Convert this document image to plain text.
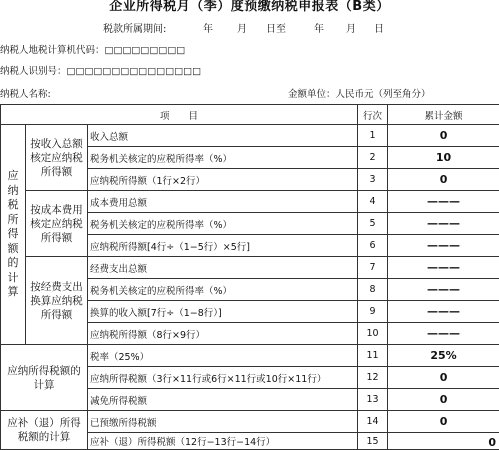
企业所得税月（季）度预缴纳税申报表（B类）
税款所属期间:	年 月 日至	年 月 日
纳税人地税计算机代码：□□□□□□□□□
纳税人识别号：□□□□□□□□□□□□□□□
纳税人名称:	金额单位：人民币元（列至角分）
项　　目			行次	累计金额
应纳税所得额的计算	按收入总额核定应纳税所得额	收入总额	1	0
		税务机关核定的应税所得率（%）	2	10
		应纳税所得额（1行×2行）	3	0
	按成本费用核定应纳税所得额	成本费用总额	4	———
		税务机关核定的应税所得率（%）	5	———
		应纳税所得额[4行÷（1−5行）×5行]	6	———
	按经费支出换算应纳税所得额	经费支出总额	7	———
		税务机关核定的应税所得率（%）	8	———
		换算的收入额[7行÷（1−8行）]	9	———
		应纳税所得额（8行×9行）	10	———
应纳所得税额的计算		税率（25%）	11	25%
		应纳所得税额（3行×11行或6行×11行或10行×11行）	12	0
		减免所得税额	13	0
应补（退）所得税额的计算		已预缴所得税额	14	0
		应补（退）所得税额（12行−13行−14行）	15	0
